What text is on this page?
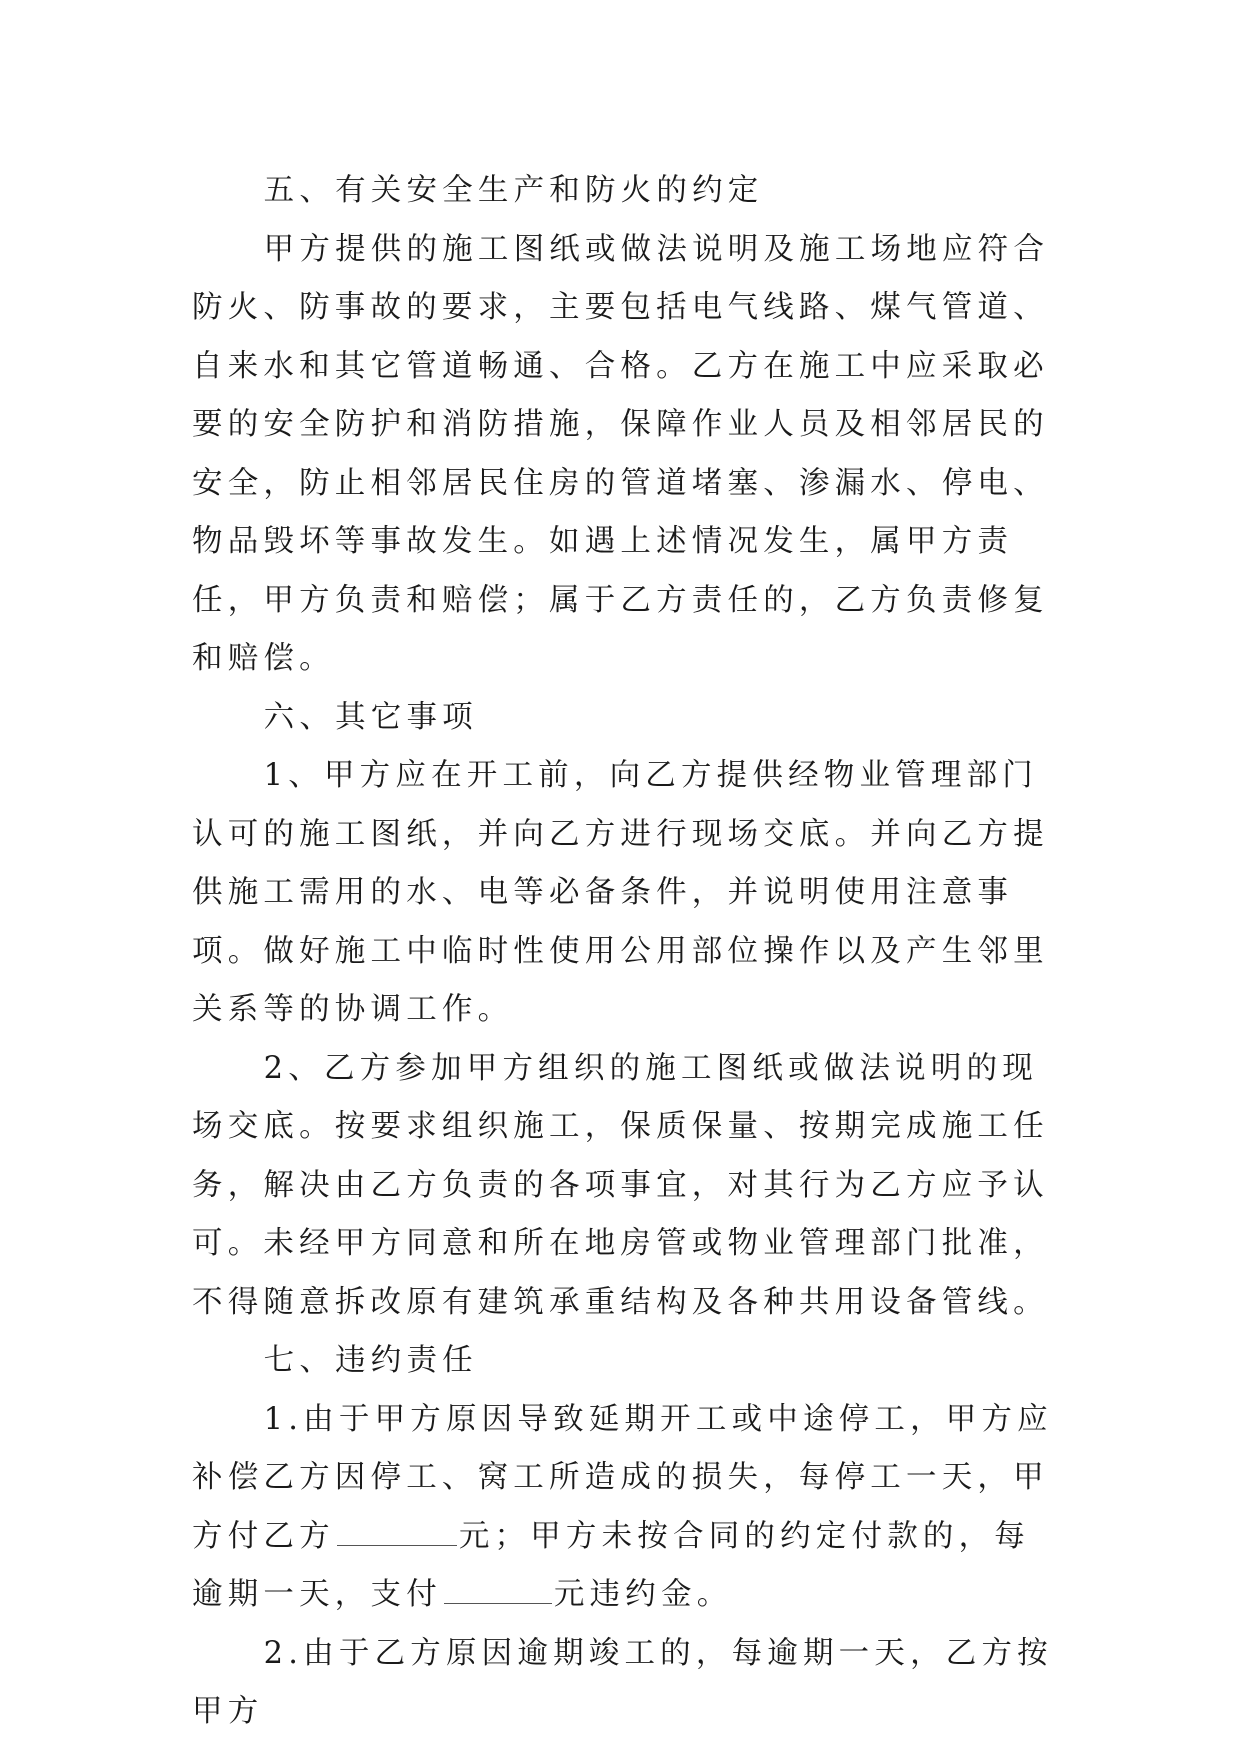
五、有关安全生产和防火的约定

甲方提供的施工图纸或做法说明及施工场地应符合防火、防事故的要求，主要包括电气线路、煤气管道、自来水和其它管道畅通、合格。乙方在施工中应采取必要的安全防护和消防措施，保障作业人员及相邻居民的安全，防止相邻居民住房的管道堵塞、渗漏水、停电、物品毁坏等事故发生。如遇上述情况发生，属甲方责任，甲方负责和赔偿；属于乙方责任的，乙方负责修复和赔偿。

六、其它事项

1、甲方应在开工前，向乙方提供经物业管理部门认可的施工图纸，并向乙方进行现场交底。并向乙方提供施工需用的水、电等必备条件，并说明使用注意事项。做好施工中临时性使用公用部位操作以及产生邻里关系等的协调工作。

2、乙方参加甲方组织的施工图纸或做法说明的现场交底。按要求组织施工，保质保量、按期完成施工任务，解决由乙方负责的各项事宜，对其行为乙方应予认可。未经甲方同意和所在地房管或物业管理部门批准，不得随意拆改原有建筑承重结构及各种共用设备管线。

七、违约责任

1.由于甲方原因导致延期开工或中途停工，甲方应补偿乙方因停工、窝工所造成的损失，每停工一天，甲方付乙方	元；甲方未按合同的约定付款的，每逾期一天，支付	元违约金。

2.由于乙方原因逾期竣工的，每逾期一天，乙方按甲方
